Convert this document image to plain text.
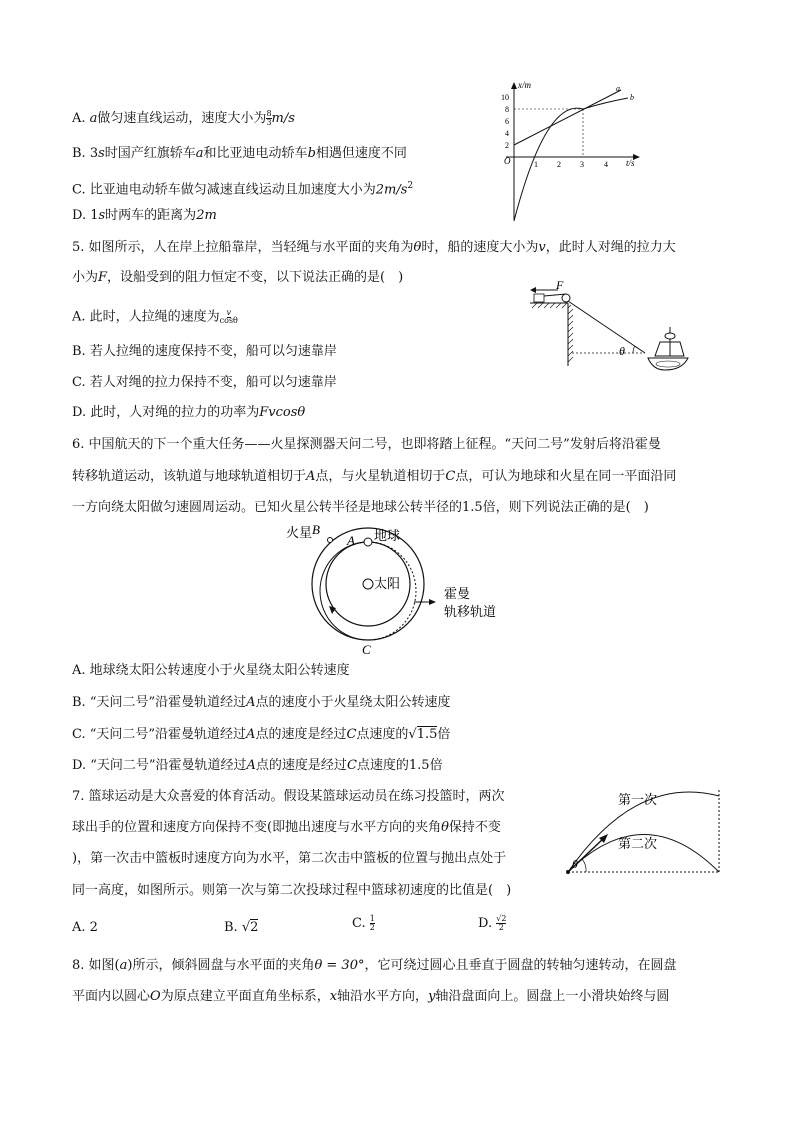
A. a做匀速直线运动，速度大小为 $\frac{8}{3} m/s$
B. 3s时国产红旗轿车a和比亚迪电动轿车b相遇但速度不同
C. 比亚迪电动轿车做匀减速直线运动且加速度大小为$2m/s^2$
D. 1s时两车的距离为2m
x/m
t/s
O
2
4
6
8
10
1 2 3	4
a
b
5. 如图所示，人在岸上拉船靠岸，当轻绳与水平面的夹角为θ时，船的速度大小为v，此时人对绳的拉力大
小为F，设船受到的阻力恒定不变，以下说法正确的是(　)
A. 此时，人拉绳的速度为$\frac{v}{\cos\theta}$
B. 若人拉绳的速度保持不变，船可以匀速靠岸
C. 若人对绳的拉力保持不变，船可以匀速靠岸
D. 此时，人对绳的拉力的功率为Fvcosθ
F
θ
6. 中国航天的下一个重大任务——火星探测器天问二号，也即将踏上征程。“天问二号”发射后将沿霍曼
转移轨道运动，该轨道与地球轨道相切于A点，与火星轨道相切于C点，可认为地球和火星在同一平面沿同
一方向绕太阳做匀速圆周运动。已知火星公转半径是地球公转半径的1.5倍，则下列说法正确的是(　)
太阳
A 地球
B
火星
C
霍曼
轨移轨道
A. 地球绕太阳公转速度小于火星绕太阳公转速度
B. “天问二号”沿霍曼轨道经过A点的速度小于火星绕太阳公转速度
C. “天问二号”沿霍曼轨道经过A点的速度是经过C点速度的√1.5倍
D. “天问二号”沿霍曼轨道经过A点的速度是经过C点速度的1.5倍
7. 篮球运动是大众喜爱的体育活动。假设某篮球运动员在练习投篮时，两次
球出手的位置和速度方向保持不变(即抛出速度与水平方向的夹角θ保持不变
)，第一次击中篮板时速度方向为水平，第二次击中篮板的位置与抛出点处于
同一高度，如图所示。则第一次与第二次投球过程中篮球初速度的比值是(　)
θ
第一次
第二次
A. 2	B. √2	C. $\frac{1}{2}$	D. $\frac{√2}{2}$
8. 如图(a)所示，倾斜圆盘与水平面的夹角θ = 30°，它可绕过圆心且垂直于圆盘的转轴匀速转动，在圆盘
平面内以圆心O为原点建立平面直角坐标系，x轴沿水平方向，y轴沿盘面向上。圆盘上一小滑块始终与圆
